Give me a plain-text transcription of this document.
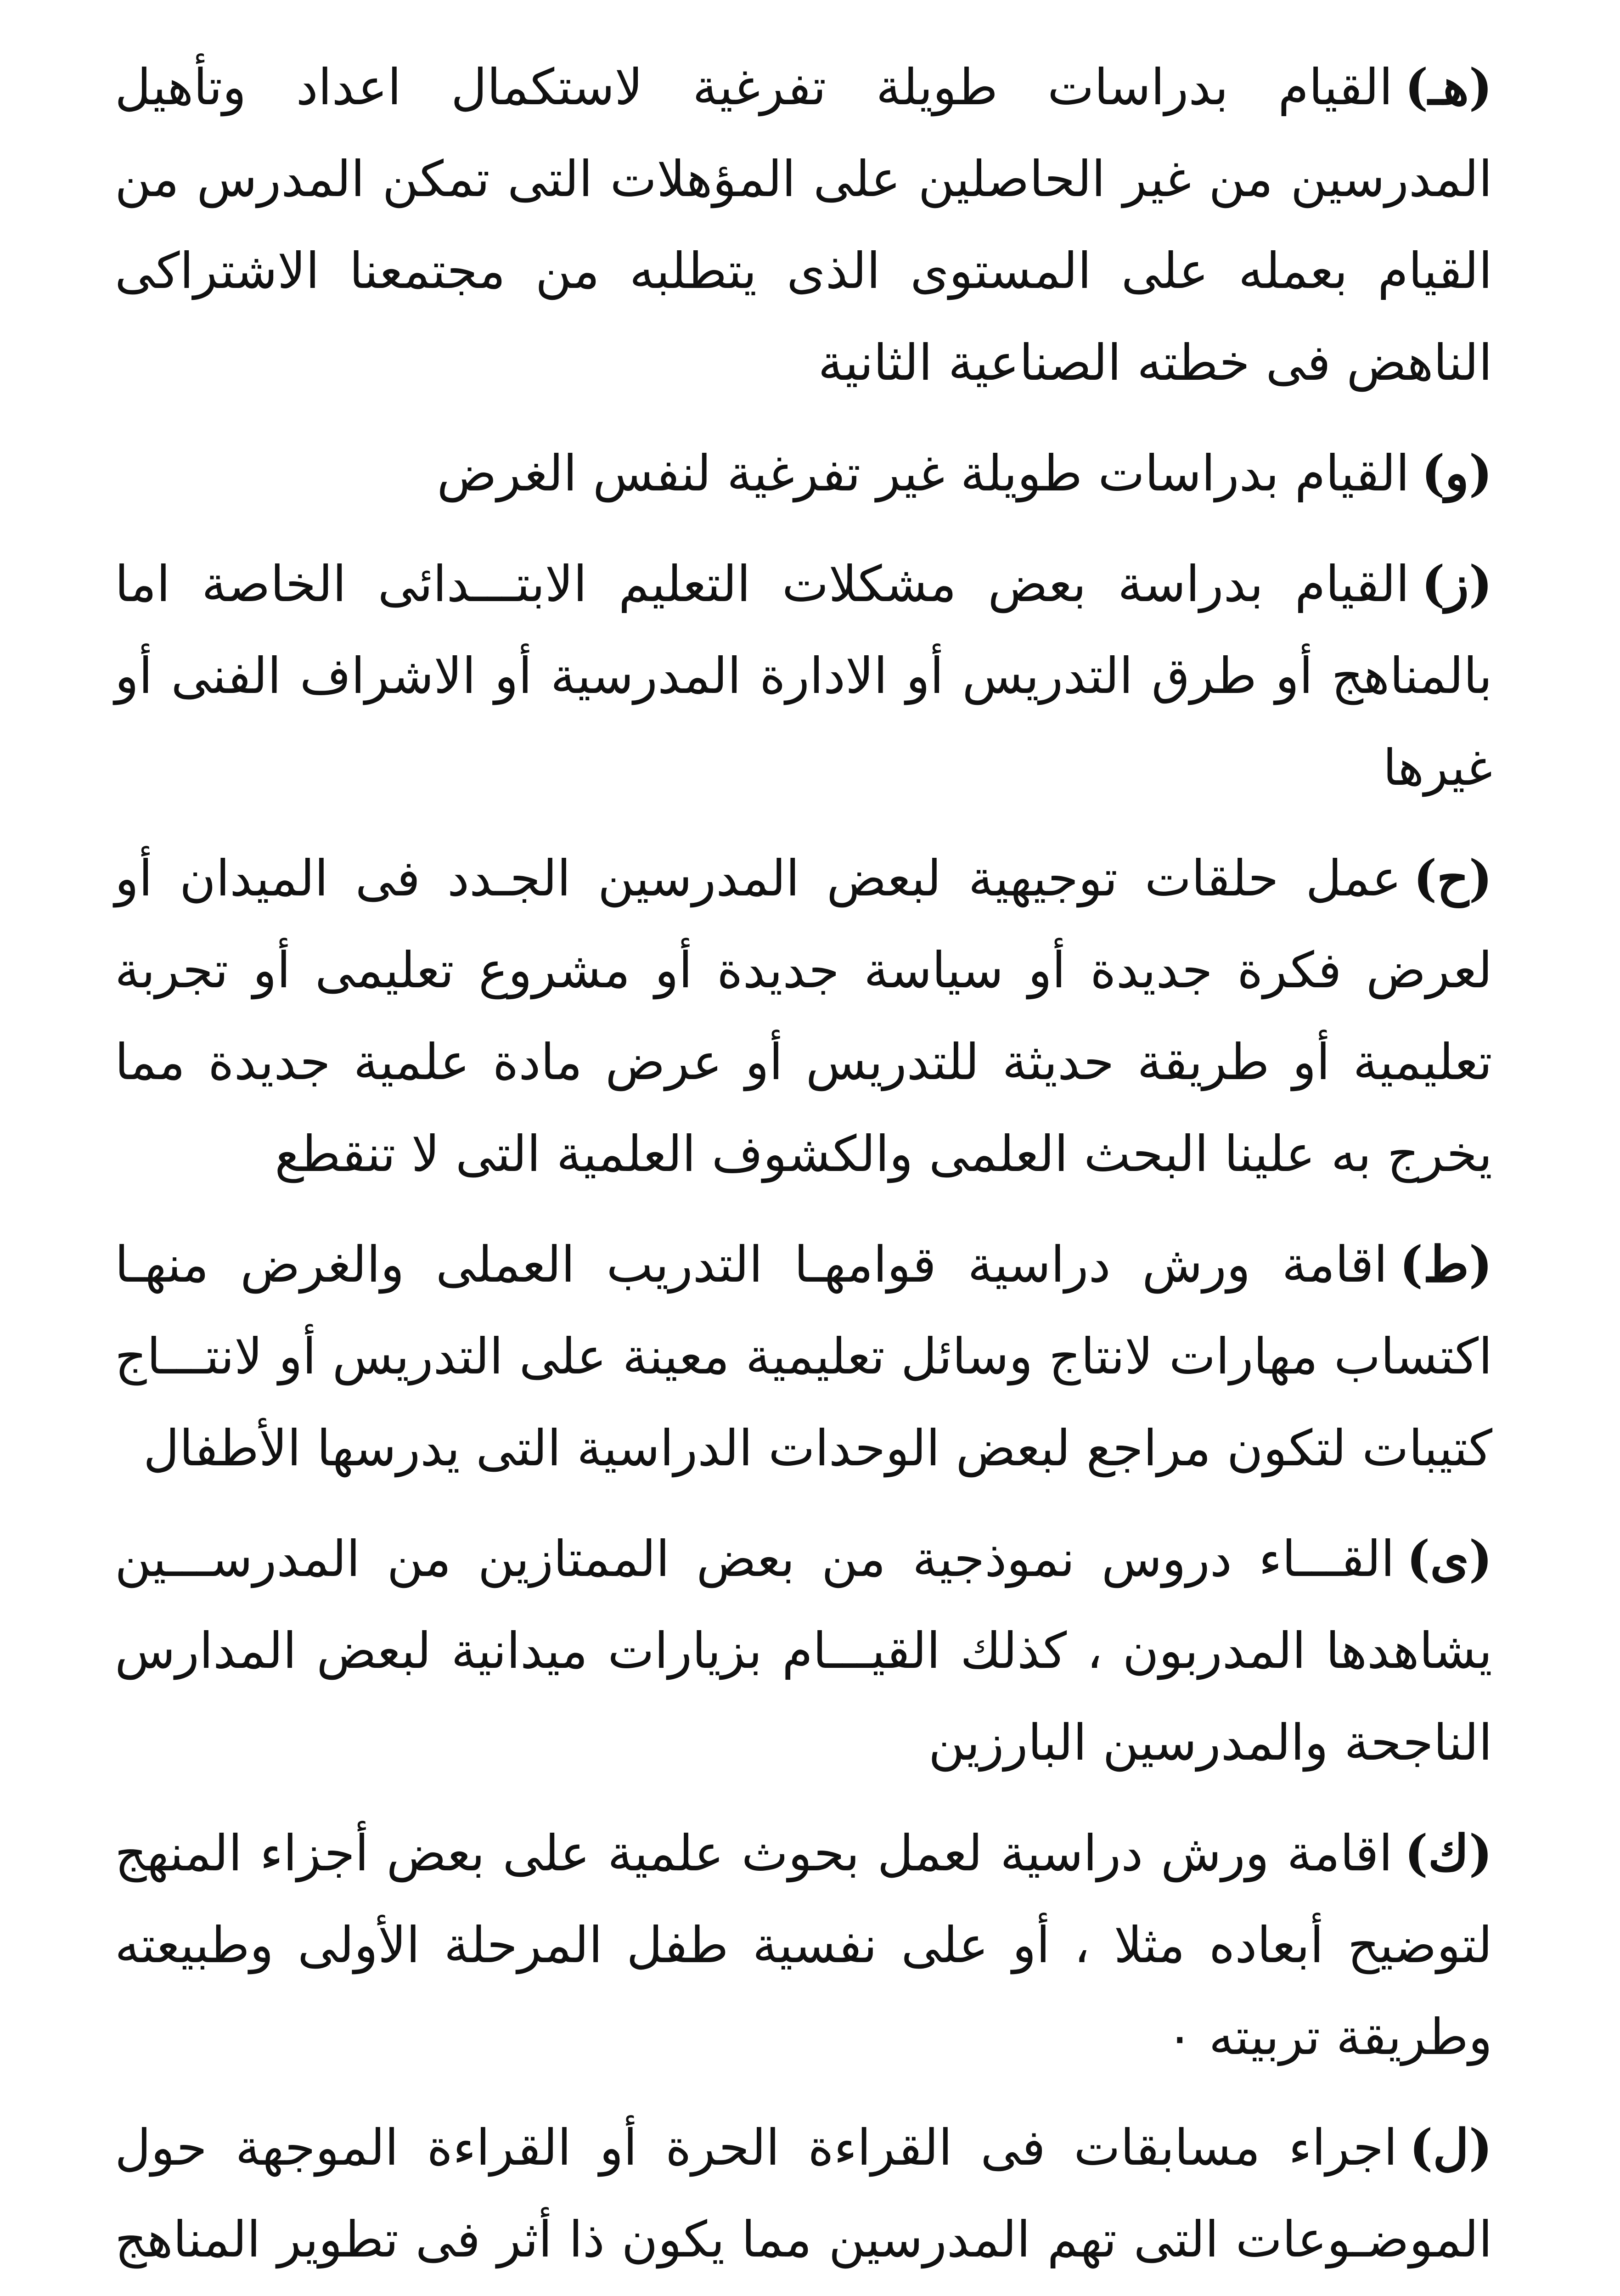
(هـ)القيام بدراسات طويلة تفرغية لاستكمال اعداد وتأهيل المدرسين من غير الحاصلين على المؤهلات التى تمكن المدرس من القيام بعمله على المستوى الذى يتطلبه من مجتمعنا الاشتراكى الناهض فى خطته الصناعية الثانية

(و)القيام بدراسات طويلة غير تفرغية لنفس الغرض

(ز)القيام بدراسة بعض مشكلات التعليم الابتـــدائى الخاصة اما بالمناهج أو طرق التدريس أو الادارة المدرسية أو الاشراف الفنى أو غيرها

(ح)عمل حلقات توجيهية لبعض المدرسين الجـدد فى الميدان أو لعرض فكرة جديدة أو سياسة جديدة أو مشروع تعليمى أو تجربة تعليمية أو طريقة حديثة للتدريس أو عرض مادة علمية جديدة مما يخرج به علينا البحث العلمى والكشوف العلمية التى لا تنقطع

(ط)اقامة ورش دراسية قوامهـا التدريب العملى والغرض منهـا اكتساب مهارات لانتاج وسائل تعليمية معينة على التدريس أو لانتـــاج كتيبات لتكون مراجع لبعض الوحدات الدراسية التى يدرسها الأطفال

(ى)القـــاء دروس نموذجية من بعض الممتازين من المدرســـين يشاهدها المدربون ، كذلك القيـــام بزيارات ميدانية لبعض المدارس الناجحة والمدرسين البارزين

(ك)اقامة ورش دراسية لعمل بحوث علمية على بعض أجزاء المنهج لتوضيح أبعاده مثلا ، أو على نفسية طفل المرحلة الأولى وطبيعته وطريقة تربيته ٠

(ل)اجراء مسابقات فى القراءة الحرة أو القراءة الموجهة حول الموضـوعات التى تهم المدرسين مما يكون ذا أثر فى تطوير المناهج
